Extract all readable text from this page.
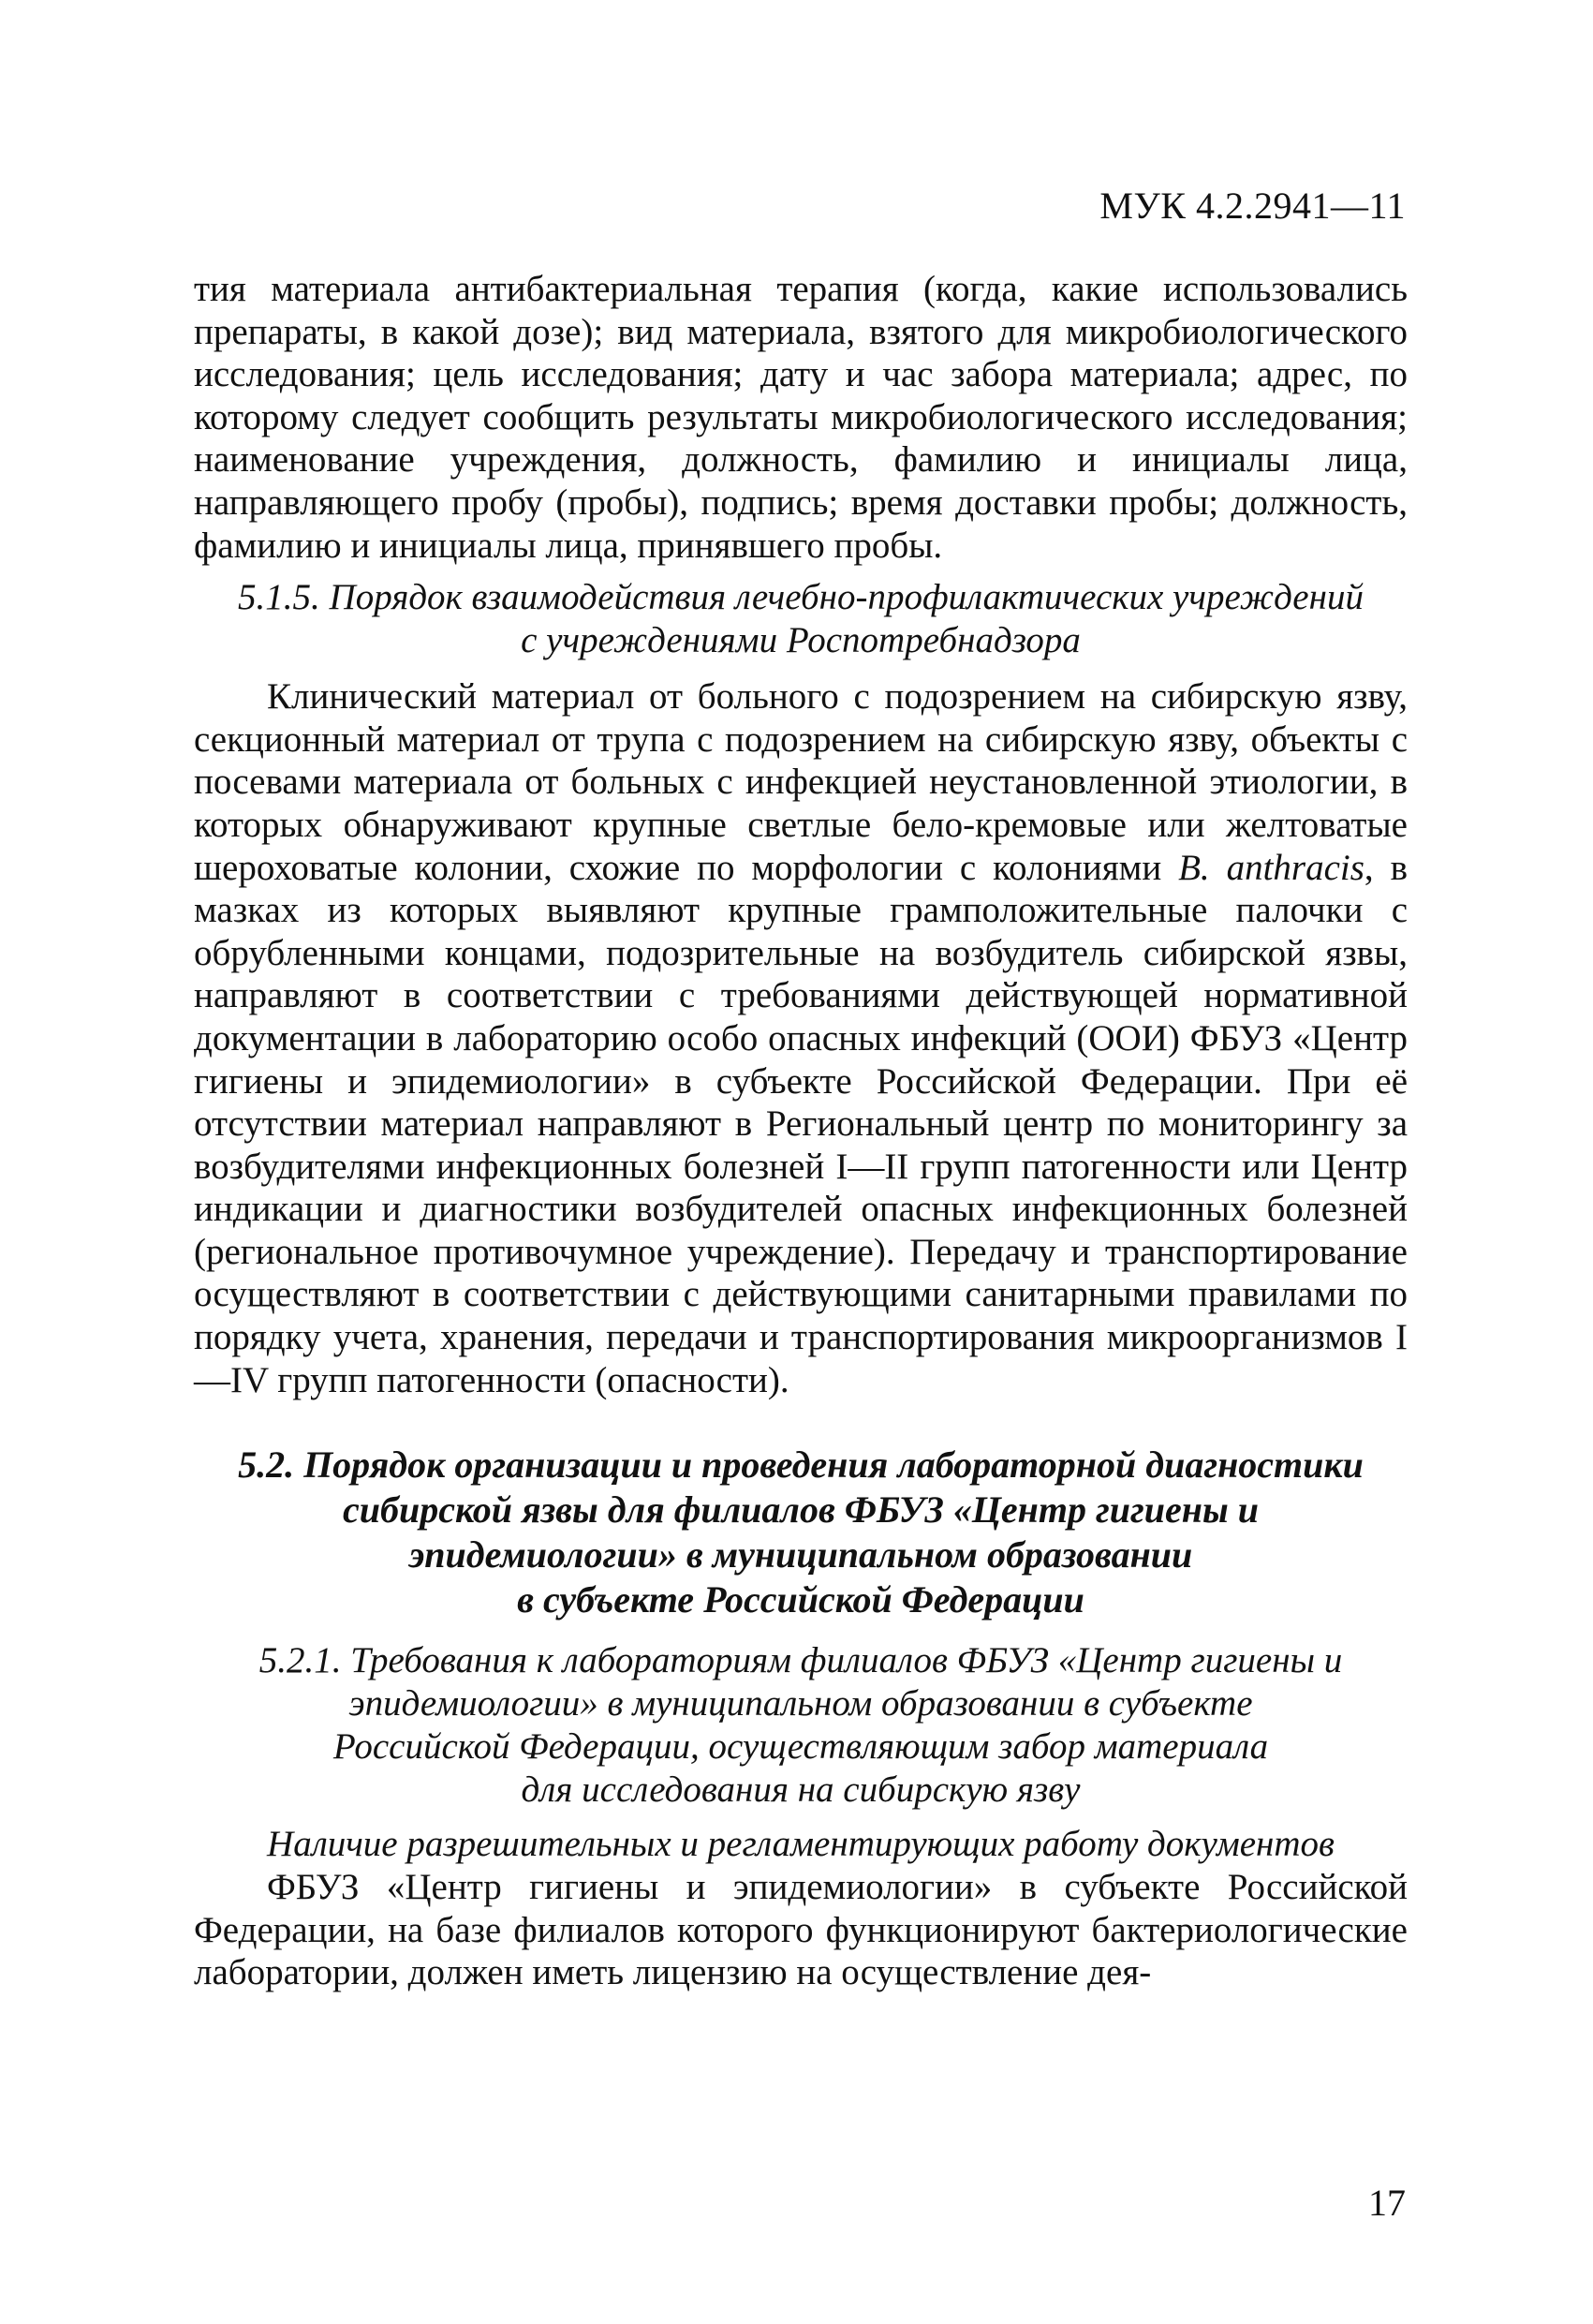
МУК 4.2.2941—11

тия материала антибактериальная терапия (когда, какие использовались препараты, в какой дозе); вид материала, взятого для микробиологического исследования; цель исследования; дату и час забора материала; адрес, по которому следует сообщить результаты микробиологического исследования; наименование учреждения, должность, фамилию и инициалы лица, направляющего пробу (пробы), подпись; время доставки пробы; должность, фамилию и инициалы лица, принявшего пробы.

5.1.5. Порядок взаимодействия лечебно-профилактических учреждений
с учреждениями Роспотребнадзора

Клинический материал от больного с подозрением на сибирскую язву, секционный материал от трупа с подозрением на сибирскую язву, объекты с посевами материала от больных с инфекцией неустановленной этиологии, в которых обнаруживают крупные светлые бело-кремовые или желтоватые шероховатые колонии, схожие по морфологии с колониями B. anthracis, в мазках из которых выявляют крупные грамположительные палочки с обрубленными концами, подозрительные на возбудитель сибирской язвы, направляют в соответствии с требованиями действующей нормативной документации в лабораторию особо опасных инфекций (ООИ) ФБУЗ «Центр гигиены и эпидемиологии» в субъекте Российской Федерации. При её отсутствии материал направляют в Региональный центр по мониторингу за возбудителями инфекционных болезней I—II групп патогенности или Центр индикации и диагностики возбудителей опасных инфекционных болезней (региональное противочумное учреждение). Передачу и транспортирование осуществляют в соответствии с действующими санитарными правилами по порядку учета, хранения, передачи и транспортирования микроорганизмов I—IV групп патогенности (опасности).

5.2. Порядок организации и проведения лабораторной диагностики
сибирской язвы для филиалов ФБУЗ «Центр гигиены и
эпидемиологии» в муниципальном образовании
в субъекте Российской Федерации
5.2.1. Требования к лабораториям филиалов ФБУЗ «Центр гигиены и
эпидемиологии» в муниципальном образовании в субъекте
Российской Федерации, осуществляющим забор материала
для исследования на сибирскую язву
Наличие разрешительных и регламентирующих работу документов

ФБУЗ «Центр гигиены и эпидемиологии» в субъекте Российской Федерации, на базе филиалов которого функционируют бактериологические лаборатории, должен иметь лицензию на осуществление дея-

17
